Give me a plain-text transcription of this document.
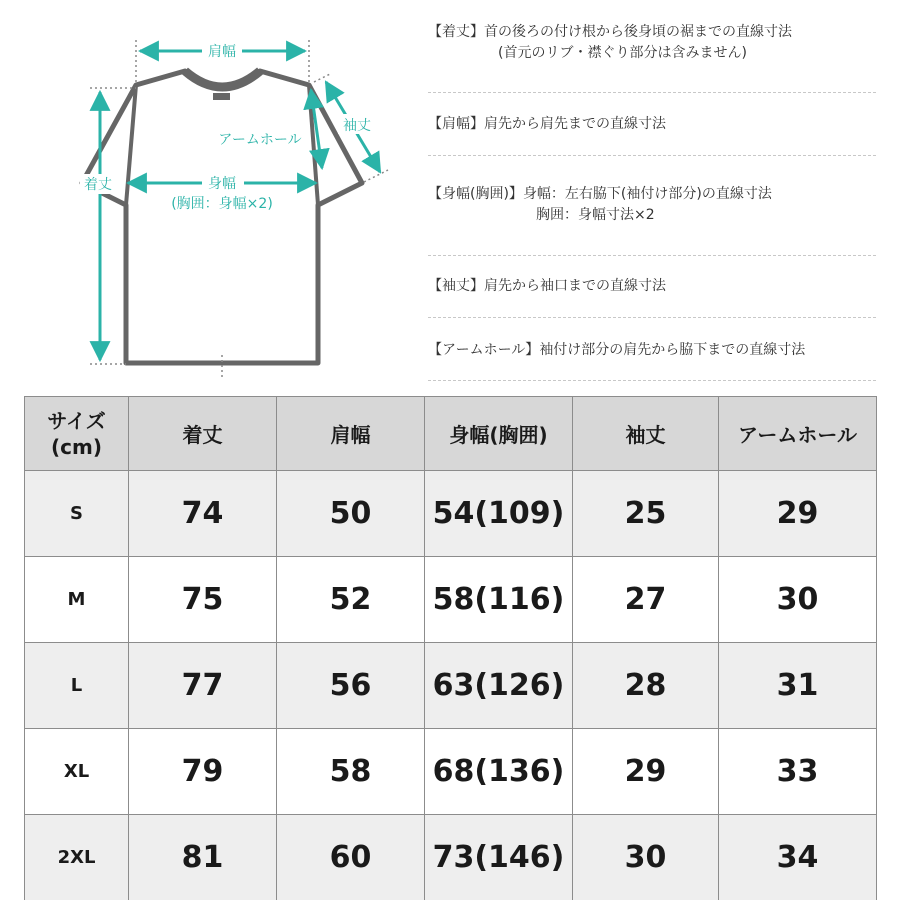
肩幅
袖丈
アームホール
着丈	身幅
(胸囲：身幅×2)
【着丈】首の後ろの付け根から後身頃の裾までの直線寸法
(首元のリブ・襟ぐり部分は含みません)
【肩幅】肩先から肩先までの直線寸法
【身幅(胸囲)】身幅：左右脇下(袖付け部分)の直線寸法
胸囲：身幅寸法×2
【袖丈】肩先から袖口までの直線寸法
【アームホール】袖付け部分の肩先から脇下までの直線寸法
サイズ
(cm)	着丈	肩幅	身幅(胸囲)	袖丈	アームホール
S	74	50	54(109)	25	29
M	75	52	58(116)	27	30
L	77	56	63(126)	28	31
XL	79	58	68(136)	29	33
2XL	81	60	73(146)	30	34
